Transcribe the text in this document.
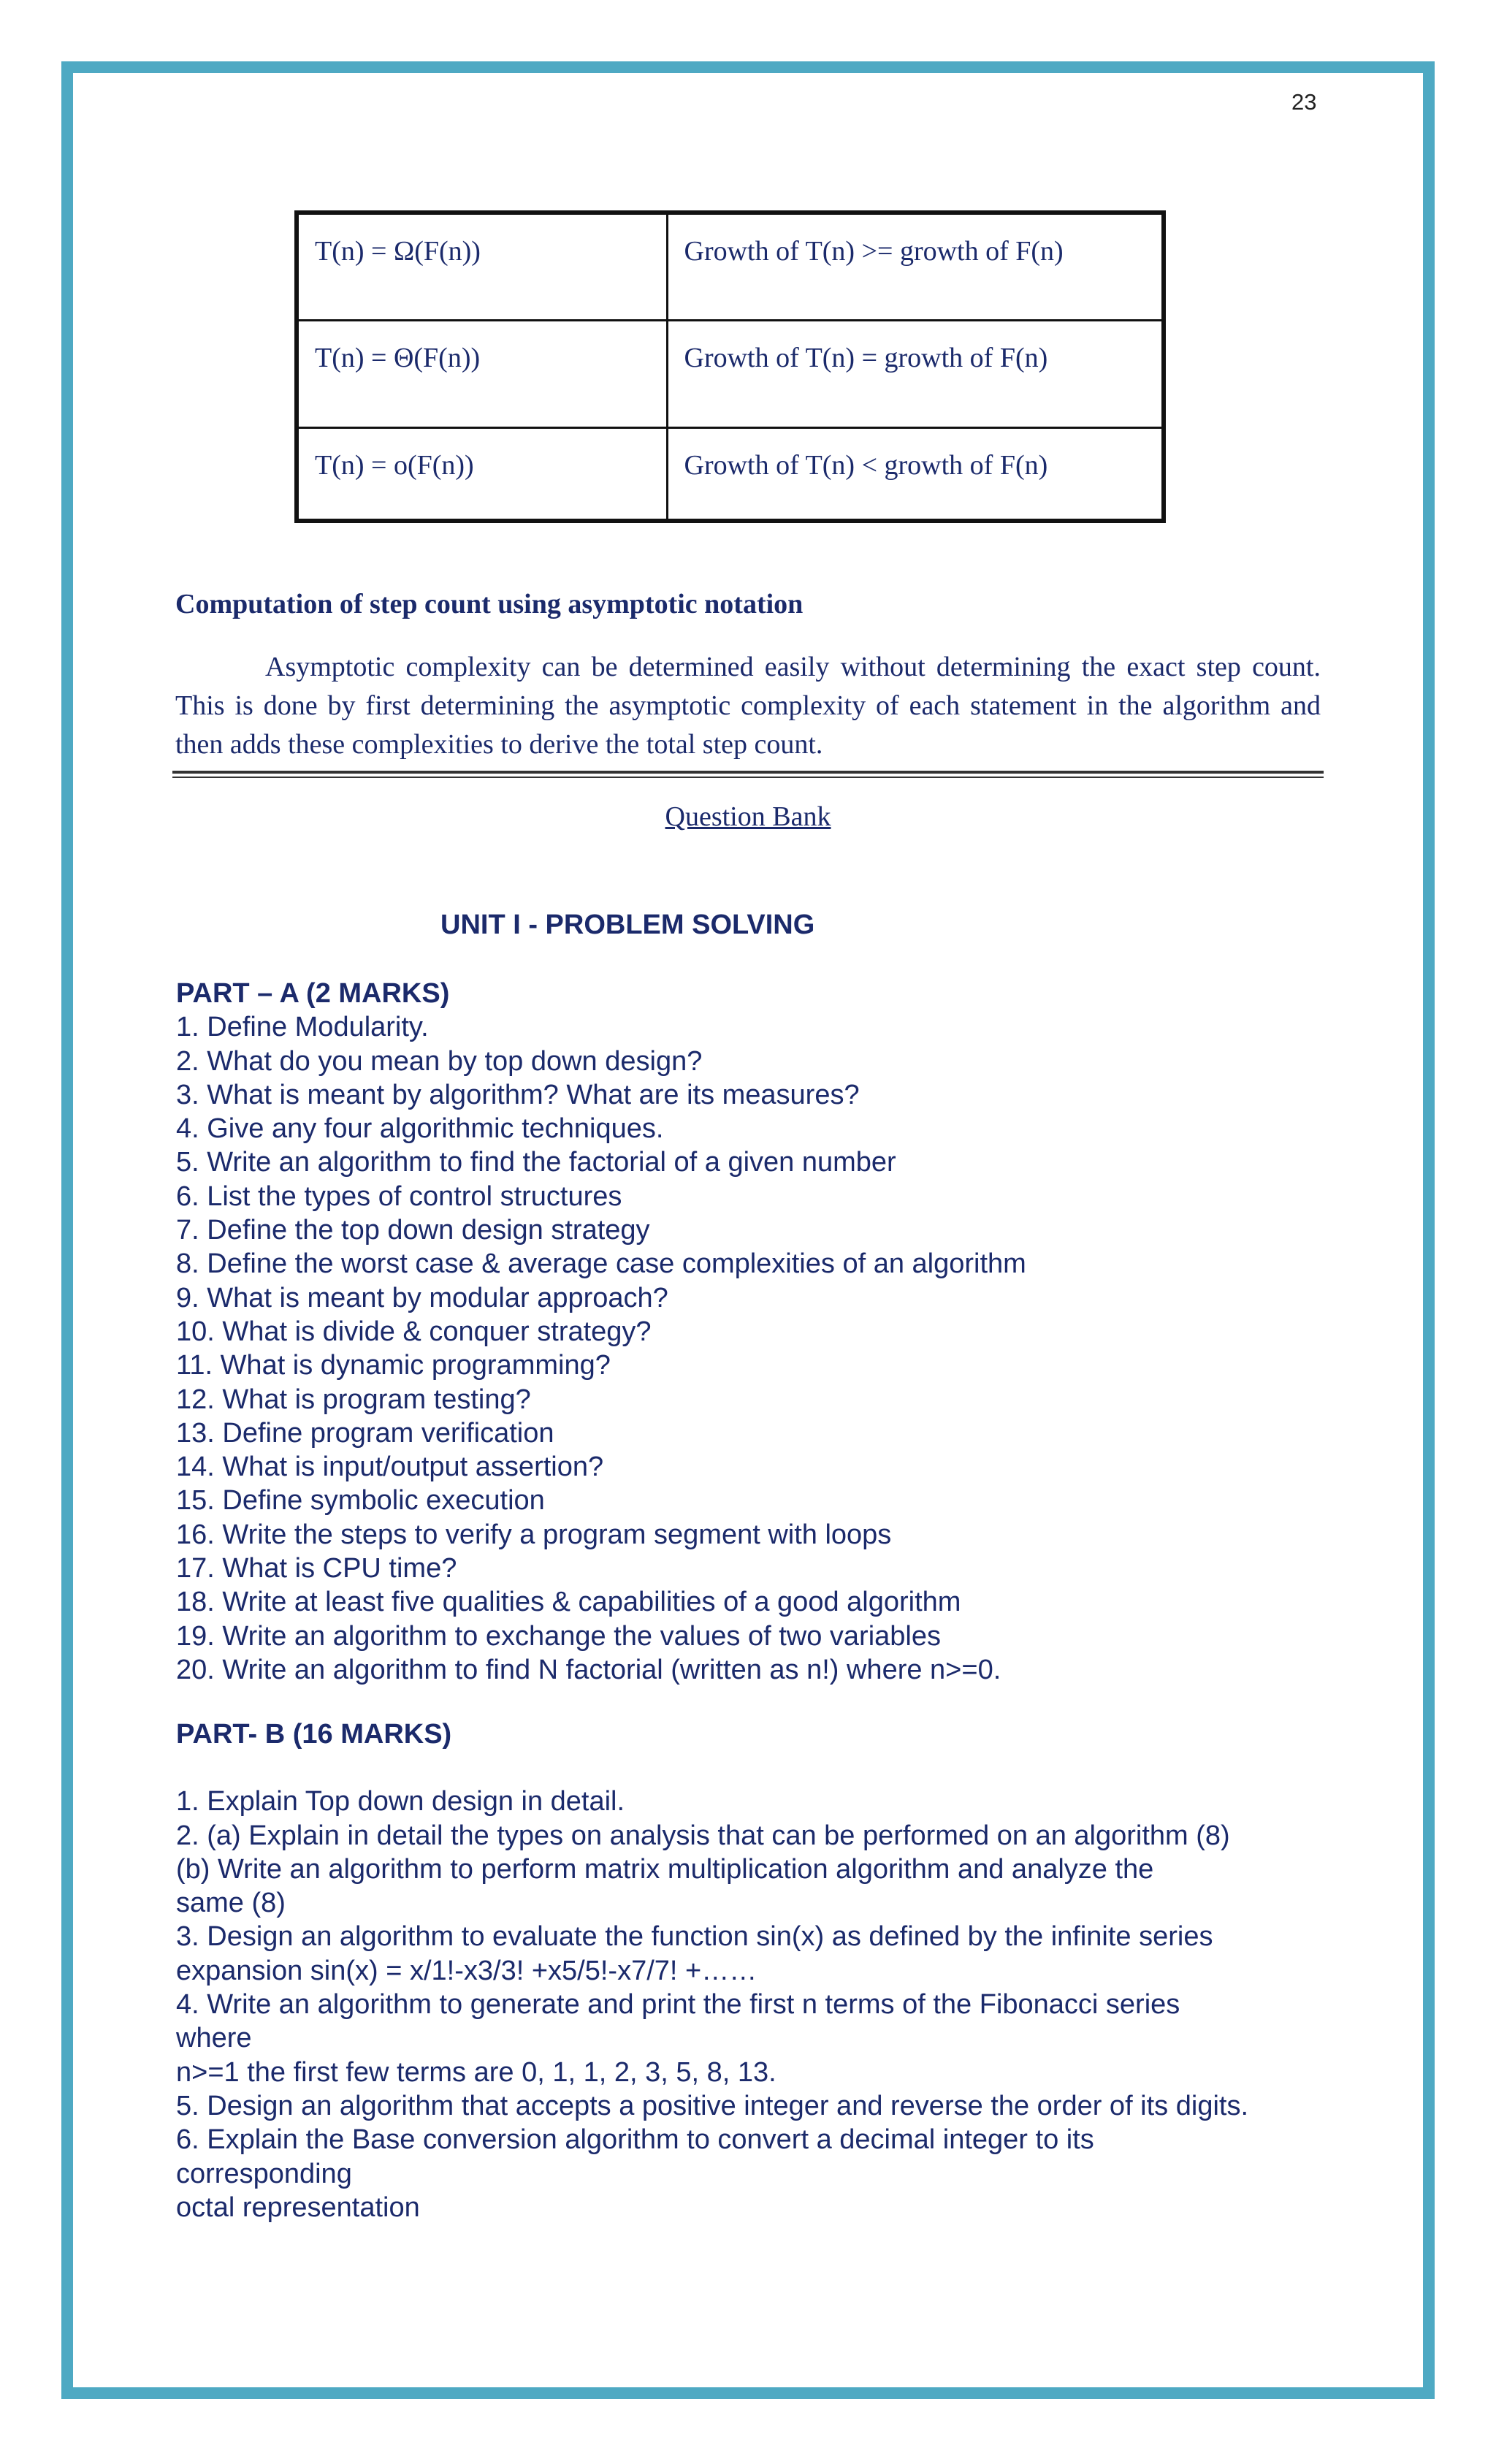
23
T(n) = Ω(F(n))	Growth of T(n) >= growth of F(n)
T(n) = Θ(F(n))	Growth of T(n) = growth of F(n)
T(n) = o(F(n))	Growth of T(n) < growth of F(n)
Computation of step count using asymptotic notation
Asymptotic complexity can be determined easily without determining the exact step count. This is done by first determining the asymptotic complexity of each statement in the algorithm and then adds these complexities to derive the total step count.
Question Bank
UNIT I - PROBLEM SOLVING
PART – A (2 MARKS)
1. Define Modularity.
2. What do you mean by top down design?
3. What is meant by algorithm? What are its measures?
4. Give any four algorithmic techniques.
5. Write an algorithm to find the factorial of a given number
6. List the types of control structures
7. Define the top down design strategy
8. Define the worst case & average case complexities of an algorithm
9. What is meant by modular approach?
10. What is divide & conquer strategy?
11. What is dynamic programming?
12. What is program testing?
13. Define program verification
14. What is input/output assertion?
15. Define symbolic execution
16. Write the steps to verify a program segment with loops
17. What is CPU time?
18. Write at least five qualities & capabilities of a good algorithm
19. Write an algorithm to exchange the values of two variables
20. Write an algorithm to find N factorial (written as n!) where n>=0.
PART- B (16 MARKS)
1. Explain Top down design in detail.
2. (a) Explain in detail the types on analysis that can be performed on an algorithm (8)
(b) Write an algorithm to perform matrix multiplication algorithm and analyze the
same (8)
3. Design an algorithm to evaluate the function sin(x) as defined by the infinite series
expansion sin(x) = x/1!-x3/3! +x5/5!-x7/7! +……
4. Write an algorithm to generate and print the first n terms of the Fibonacci series
where
n>=1 the first few terms are 0, 1, 1, 2, 3, 5, 8, 13.
5. Design an algorithm that accepts a positive integer and reverse the order of its digits.
6. Explain the Base conversion algorithm to convert a decimal integer to its
corresponding
octal representation
